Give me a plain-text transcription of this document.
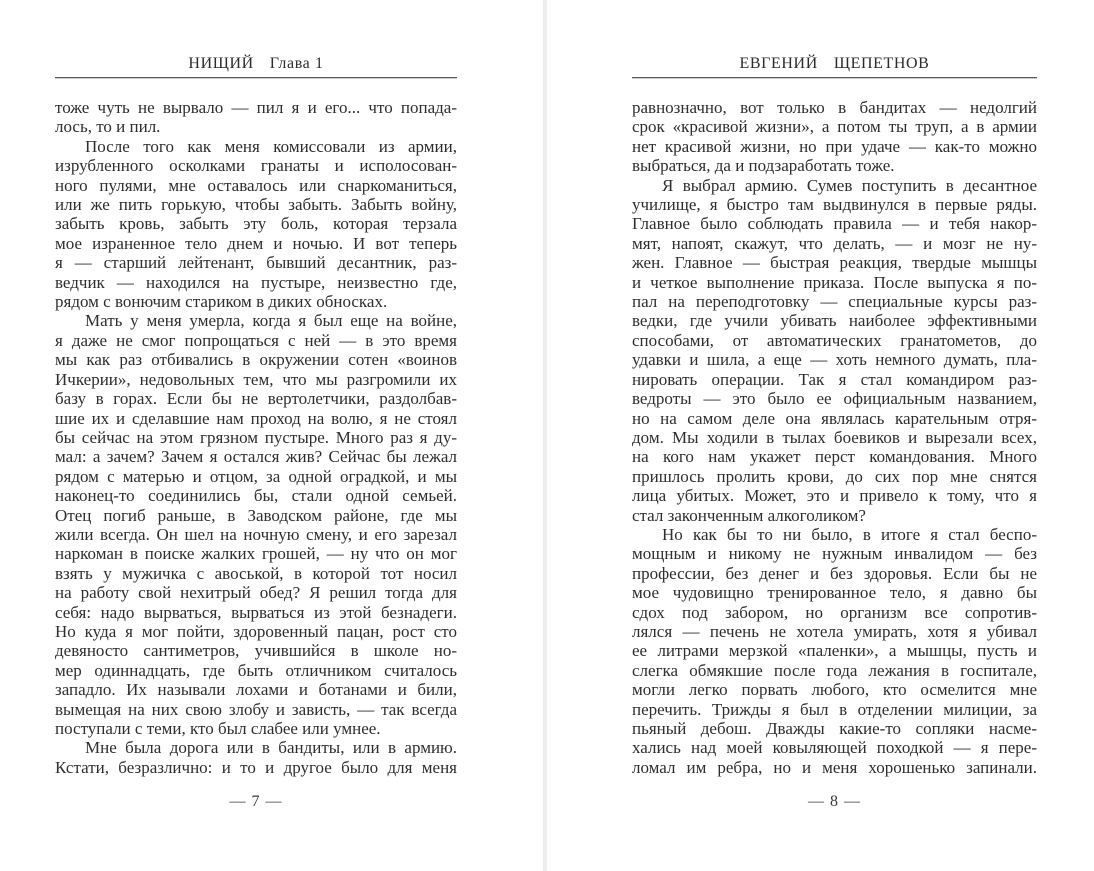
НИЩИЙ Глава 1
тоже чуть не вырвало — пил я и его... что попада-
лось, то и пил.
После того как меня комиссовали из армии,
изрубленного осколками гранаты и исполосован-
ного пулями, мне оставалось или снаркоманиться,
или же пить горькую, чтобы забыть. Забыть войну,
забыть кровь, забыть эту боль, которая терзала
мое израненное тело днем и ночью. И вот теперь
я — старший лейтенант, бывший десантник, раз-
ведчик — находился на пустыре, неизвестно где,
рядом с вонючим стариком в диких обносках.
Мать у меня умерла, когда я был еще на войне,
я даже не смог попрощаться с ней — в это время
мы как раз отбивались в окружении сотен «воинов
Ичкерии», недовольных тем, что мы разгромили их
базу в горах. Если бы не вертолетчики, раздолбав-
шие их и сделавшие нам проход на волю, я не стоял
бы сейчас на этом грязном пустыре. Много раз я ду-
мал: а зачем? Зачем я остался жив? Сейчас бы лежал
рядом с матерью и отцом, за одной оградкой, и мы
наконец-то соединились бы, стали одной семьей.
Отец погиб раньше, в Заводском районе, где мы
жили всегда. Он шел на ночную смену, и его зарезал
наркоман в поиске жалких грошей, — ну что он мог
взять у мужичка с авоськой, в которой тот носил
на работу свой нехитрый обед? Я решил тогда для
себя: надо вырваться, вырваться из этой безнадеги.
Но куда я мог пойти, здоровенный пацан, рост сто
девяносто сантиметров, учившийся в школе но-
мер одиннадцать, где быть отличником считалось
западло. Их называли лохами и ботанами и били,
вымещая на них свою злобу и зависть, — так всегда
поступали с теми, кто был слабее или умнее.
Мне была дорога или в бандиты, или в армию.
Кстати, безразлично: и то и другое было для меня
— 7 —
ЕВГЕНИЙ ЩЕПЕТНОВ
равнозначно, вот только в бандитах — недолгий
срок «красивой жизни», а потом ты труп, а в армии
нет красивой жизни, но при удаче — как-то можно
выбраться, да и подзаработать тоже.
Я выбрал армию. Сумев поступить в десантное
училище, я быстро там выдвинулся в первые ряды.
Главное было соблюдать правила — и тебя накор-
мят, напоят, скажут, что делать, — и мозг не ну-
жен. Главное — быстрая реакция, твердые мышцы
и четкое выполнение приказа. После выпуска я по-
пал на переподготовку — специальные курсы раз-
ведки, где учили убивать наиболее эффективными
способами, от автоматических гранатометов, до
удавки и шила, а еще — хоть немного думать, пла-
нировать операции. Так я стал командиром раз-
ведроты — это было ее официальным названием,
но на самом деле она являлась карательным отря-
дом. Мы ходили в тылах боевиков и вырезали всех,
на кого нам укажет перст командования. Много
пришлось пролить крови, до сих пор мне снятся
лица убитых. Может, это и привело к тому, что я
стал законченным алкоголиком?
Но как бы то ни было, в итоге я стал беспо-
мощным и никому не нужным инвалидом — без
профессии, без денег и без здоровья. Если бы не
мое чудовищно тренированное тело, я давно бы
сдох под забором, но организм все сопротив-
лялся — печень не хотела умирать, хотя я убивал
ее литрами мерзкой «паленки», а мышцы, пусть и
слегка обмякшие после года лежания в госпитале,
могли легко порвать любого, кто осмелится мне
перечить. Трижды я был в отделении милиции, за
пьяный дебош. Дважды какие-то сопляки насме-
хались над моей ковыляющей походкой — я пере-
ломал им ребра, но и меня хорошенько запинали.
— 8 —
